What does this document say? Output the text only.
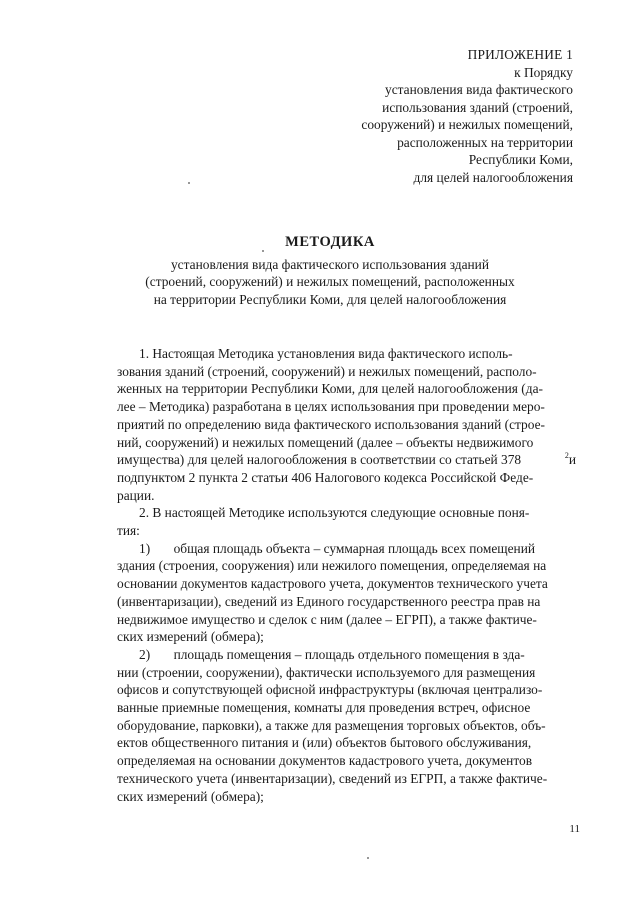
ПРИЛОЖЕНИЕ 1
к Порядку
установления вида фактического
использования зданий (строений,
сооружений) и нежилых помещений,
расположенных на территории
Республики Коми,
для целей налогообложения
МЕТОДИКА
установления вида фактического использования зданий
(строений, сооружений) и нежилых помещений, расположенных
на территории Республики Коми, для целей налогообложения
1. Настоящая Методика установления вида фактического исполь-
зования зданий (строений, сооружений) и нежилых помещений, располо-
женных на территории Республики Коми, для целей налогообложения (да-
лее – Методика) разработана в целях использования при проведении меро-
приятий по определению вида фактического использования зданий (строе-
ний, сооружений) и нежилых помещений (далее – объекты недвижимого
имущества) для целей налогообложения в соответствии со статьей 378	$^2$и
подпунктом 2 пункта 2 статьи 406 Налогового кодекса Российской Феде-
рации.
2. В настоящей Методике используются следующие основные поня-
тия:
1)       общая площадь объекта – суммарная площадь всех помещений
здания (строения, сооружения) или нежилого помещения, определяемая на
основании документов кадастрового учета, документов технического учета
(инвентаризации), сведений из Единого государственного реестра прав на
недвижимое имущество и сделок с ним (далее – ЕГРП), а также фактиче-
ских измерений (обмера);
2)       площадь помещения – площадь отдельного помещения в зда-
нии (строении, сооружении), фактически используемого для размещения
офисов и сопутствующей офисной инфраструктуры (включая централизо-
ванные приемные помещения, комнаты для проведения встреч, офисное
оборудование, парковки), а также для размещения торговых объектов, объ-
ектов общественного питания и (или) объектов бытового обслуживания,
определяемая на основании документов кадастрового учета, документов
технического учета (инвентаризации), сведений из ЕГРП, а также фактиче-
ских измерений (обмера);
11
